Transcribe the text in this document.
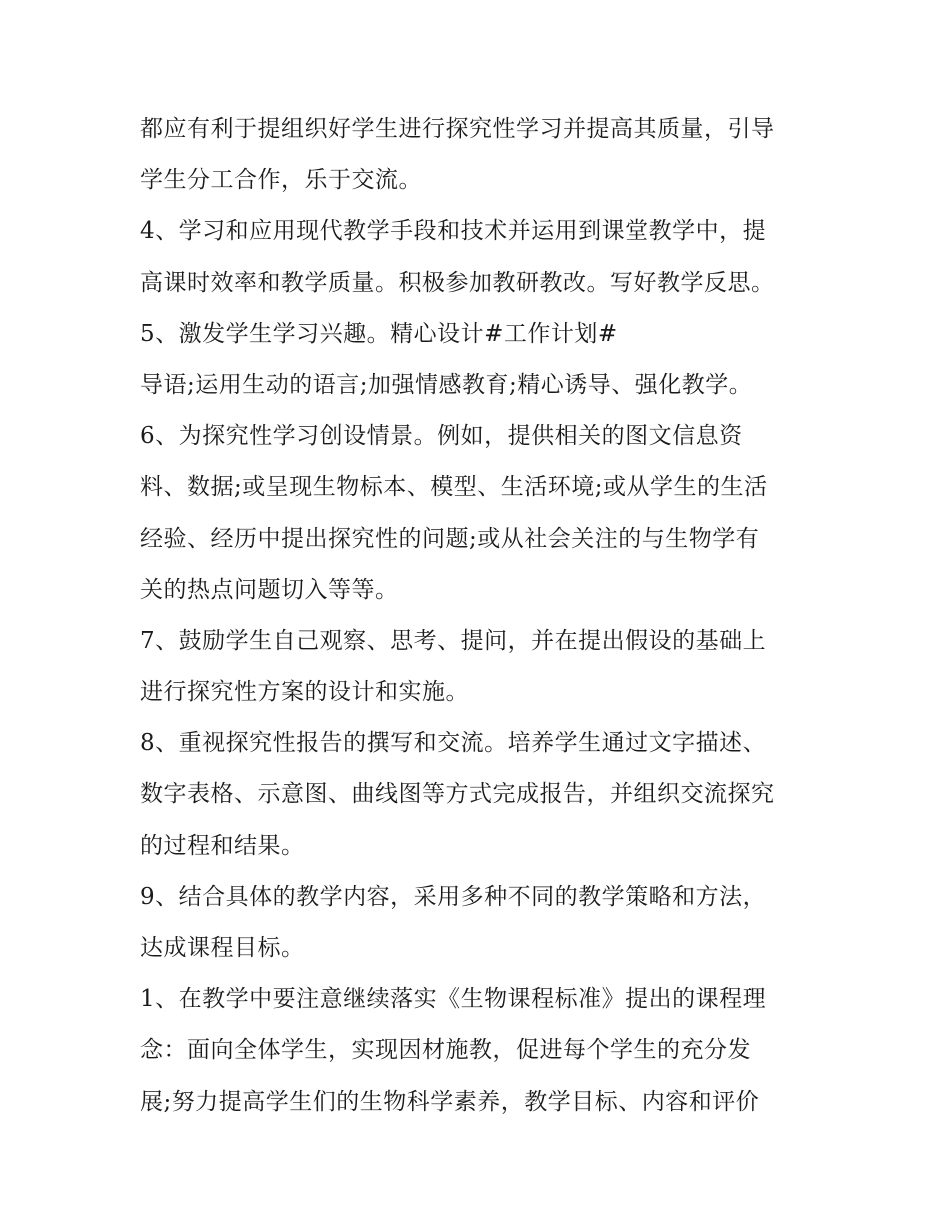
都应有利于提组织好学生进行探究性学习并提高其质量，引导
学生分工合作，乐于交流。
4、学习和应用现代教学手段和技术并运用到课堂教学中，提
高课时效率和教学质量。积极参加教研教改。写好教学反思。
5、激发学生学习兴趣。精心设计#工作计划#
导语;运用生动的语言;加强情感教育;精心诱导、强化教学。
6、为探究性学习创设情景。例如，提供相关的图文信息资
料、数据;或呈现生物标本、模型、生活环境;或从学生的生活
经验、经历中提出探究性的问题;或从社会关注的与生物学有
关的热点问题切入等等。
7、鼓励学生自己观察、思考、提问，并在提出假设的基础上
进行探究性方案的设计和实施。
8、重视探究性报告的撰写和交流。培养学生通过文字描述、
数字表格、示意图、曲线图等方式完成报告，并组织交流探究
的过程和结果。
9、结合具体的教学内容，采用多种不同的教学策略和方法，
达成课程目标。
1、在教学中要注意继续落实《生物课程标准》提出的课程理
念：面向全体学生，实现因材施教，促进每个学生的充分发
展;努力提高学生们的生物科学素养，教学目标、内容和评价
